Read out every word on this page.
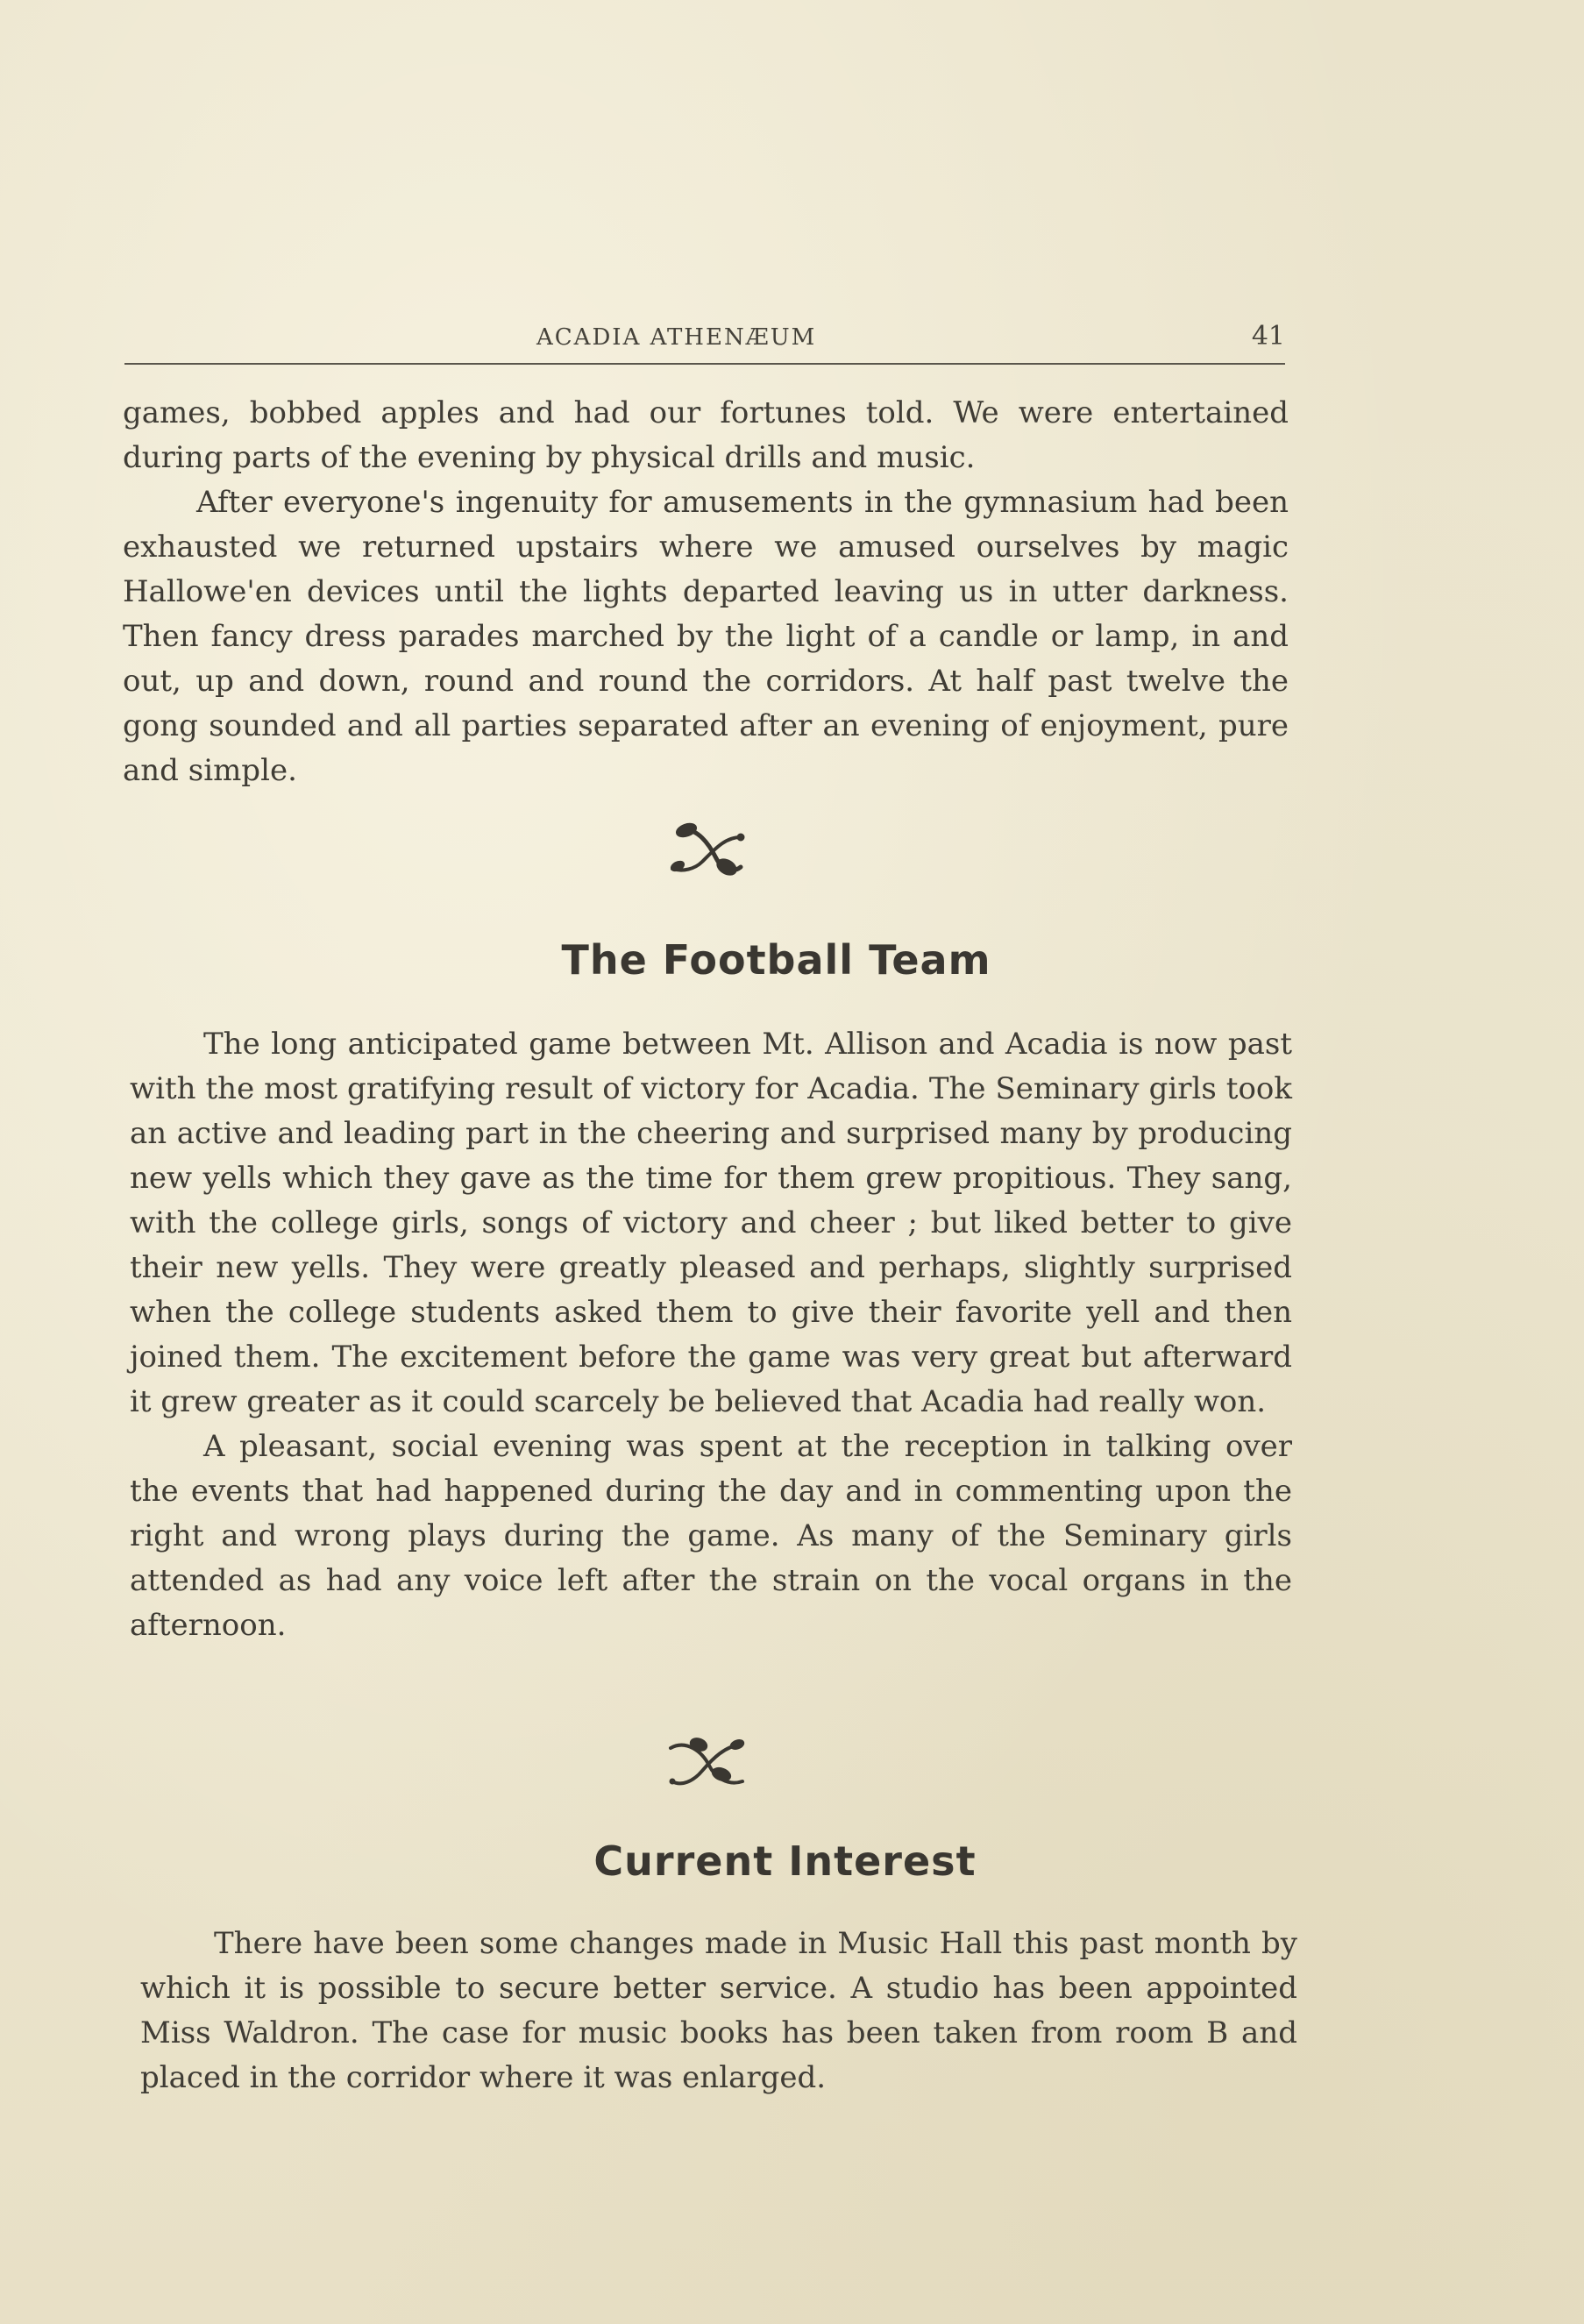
ACADIA ATHENÆUM	41

games, bobbed apples and had our fortunes told. We were entertained during parts of the evening by physical drills and music.

After everyone's ingenuity for amusements in the gymnasium had been exhausted we returned upstairs where we amused ourselves by magic Hallowe'en devices until the lights departed leaving us in utter darkness. Then fancy dress parades marched by the light of a candle or lamp, in and out, up and down, round and round the corridors. At half past twelve the gong sounded and all parties separated after an evening of enjoyment, pure and simple.

The Football Team

The long anticipated game between Mt. Allison and Acadia is now past with the most gratifying result of victory for Acadia. The Seminary girls took an active and leading part in the cheering and surprised many by producing new yells which they gave as the time for them grew propitious. They sang, with the college girls, songs of victory and cheer ; but liked better to give their new yells. They were greatly pleased and perhaps, slightly surprised when the college students asked them to give their favorite yell and then joined them. The excitement before the game was very great but afterward it grew greater as it could scarcely be believed that Acadia had really won.

A pleasant, social evening was spent at the reception in talking over the events that had happened during the day and in commenting upon the right and wrong plays during the game. As many of the Seminary girls attended as had any voice left after the strain on the vocal organs in the afternoon.

Current Interest

There have been some changes made in Music Hall this past month by which it is possible to secure better service. A studio has been appointed Miss Waldron. The case for music books has been taken from room B and placed in the corridor where it was enlarged.
